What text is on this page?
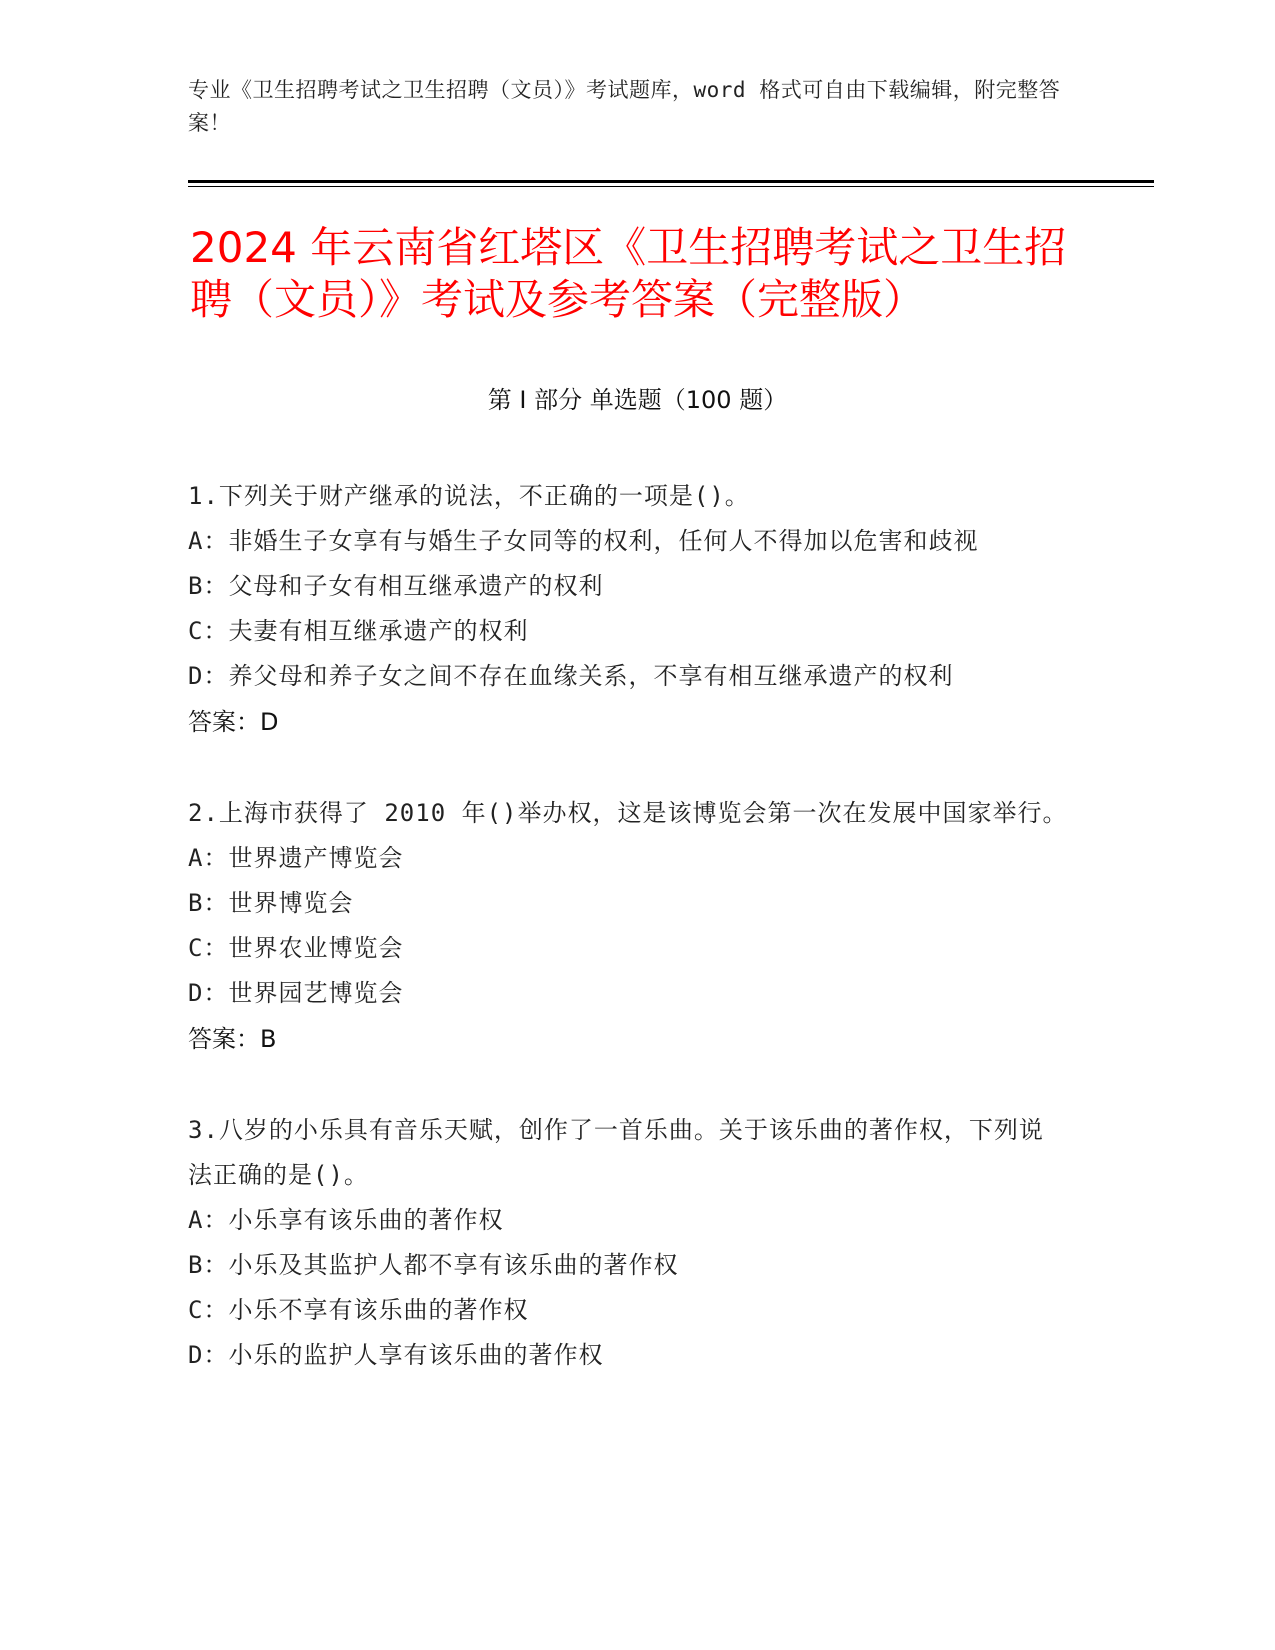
专业《卫生招聘考试之卫生招聘（文员）》考试题库，word 格式可自由下载编辑，附完整答案！
2024 年云南省红塔区《卫生招聘考试之卫生招聘（文员）》考试及参考答案（完整版）
第 I 部分 单选题（100 题）
1.下列关于财产继承的说法，不正确的一项是()。
A：非婚生子女享有与婚生子女同等的权利，任何人不得加以危害和歧视
B：父母和子女有相互继承遗产的权利
C：夫妻有相互继承遗产的权利
D：养父母和养子女之间不存在血缘关系，不享有相互继承遗产的权利
答案：D
2.上海市获得了 2010 年()举办权，这是该博览会第一次在发展中国家举行。
A：世界遗产博览会
B：世界博览会
C：世界农业博览会
D：世界园艺博览会
答案：B
3.八岁的小乐具有音乐天赋，创作了一首乐曲。关于该乐曲的著作权，下列说法正确的是()。
A：小乐享有该乐曲的著作权
B：小乐及其监护人都不享有该乐曲的著作权
C：小乐不享有该乐曲的著作权
D：小乐的监护人享有该乐曲的著作权
